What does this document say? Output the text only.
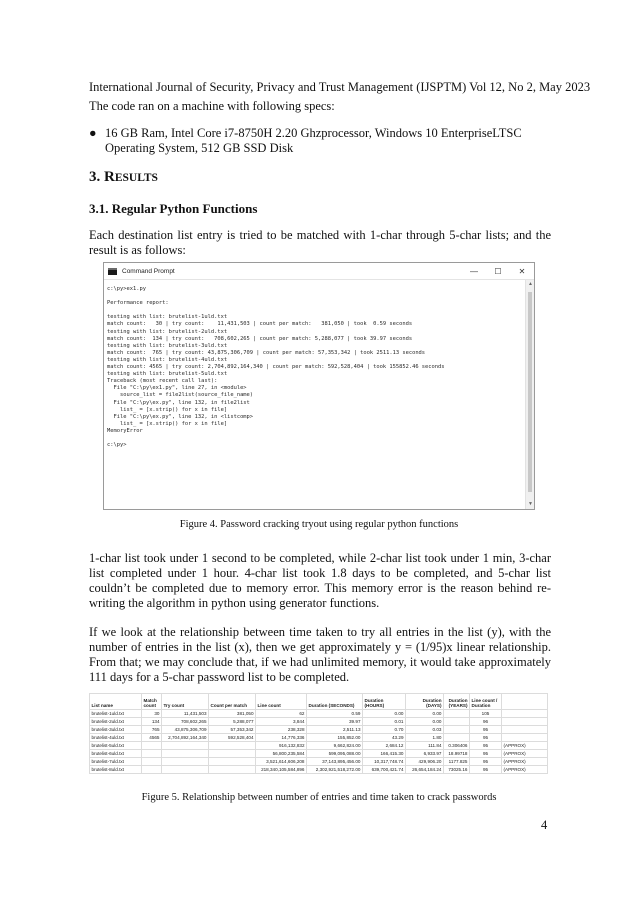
International Journal of Security, Privacy and Trust Management (IJSPTM) Vol 12, No 2, May 2023
The code ran on a machine with following specs:
● 16 GB Ram, Intel Core i7-8750H 2.20 Ghzprocessor, Windows 10 EnterpriseLTSC Operating System, 512 GB SSD Disk
3. RESULTS
3.1. Regular Python Functions
Each destination list entry is tried to be matched with 1-char through 5-char lists; and the result is as follows:
Command Prompt	—	☐	✕
c:\py>ex1.py
Performance report:
testing with list: brutelist-1uld.txt
match count:   30 | try count:    11,431,503 | count per match:   381,050 | took  0.59 seconds
testing with list: brutelist-2uld.txt
match count:  134 | try count:   708,602,265 | count per match: 5,288,077 | took 39.97 seconds
testing with list: brutelist-3uld.txt
match count:  765 | try count: 43,875,306,709 | count per match: 57,353,342 | took 2511.13 seconds
testing with list: brutelist-4uld.txt
match count: 4565 | try count: 2,704,892,164,340 | count per match: 592,528,404 | took 155852.46 seconds
testing with list: brutelist-5uld.txt
Traceback (most recent call last):
File "C:\py\ex1.py", line 27, in <module>
source_list = file2list(source_file_name)
File "C:\py\ex.py", line 132, in file2list
list_ = [x.strip() for x in file]
File "C:\py\ex.py", line 132, in <listcomp>
list_ = [x.strip() for x in file]
MemoryError
c:\py>
▲
▼
Figure 4. Password cracking tryout using regular python functions
1-char list took under 1 second to be completed, while 2-char list took under 1 min, 3-char list completed under 1 hour. 4-char list took 1.8 days to be completed, and 5-char list couldn’t be completed due to memory error. This memory error is the reason behind re-writing the algorithm in python using generator functions.
If we look at the relationship between time taken to try all entries in the list (y), with the number of entries in the list (x), then we get approximately y = (1/95)x linear relationship. From that; we may conclude that, if we had unlimited memory, it would take approximately 111 days for a 5-char password list to be completed.
List name	Match count	Try count	Count per match	Line count	Duration (SECONDS)	Duration (HOURS)	Duration (DAYS)	Duration (YEARS)	Line count / Duration	
brutelist-1uld.txt	30	11,431,503	381,050	62	0.59	0.00	0.00		105	
brutelist-2uld.txt	134	708,602,265	5,288,077	3,844	39.97	0.01	0.00		96	
brutelist-3uld.txt	765	43,875,306,709	57,353,342	238,328	2,511.13	0.70	0.03		95	
brutelist-4uld.txt	4565	2,704,892,164,340	592,528,404	14,776,336	155,852.00	43.29	1.80		95	
brutelist-5uld.txt				916,132,832	9,662,824.00	2,684.12	111.84	0.306406	95	(APPROX)
brutelist-6uld.txt				56,800,235,584	599,095,088.00	166,415.30	6,933.97	18.99718	95	(APPROX)
brutelist-7uld.txt				3,521,614,606,208	37,143,895,456.00	10,317,748.74	429,906.20	1177.825	95	(APPROX)
brutelist-8uld.txt				218,340,105,584,896	2,302,921,518,272.00	639,700,421.74	26,654,184.24	73025.16	95	(APPROX)
Figure 5. Relationship between number of entries and time taken to crack passwords
4
